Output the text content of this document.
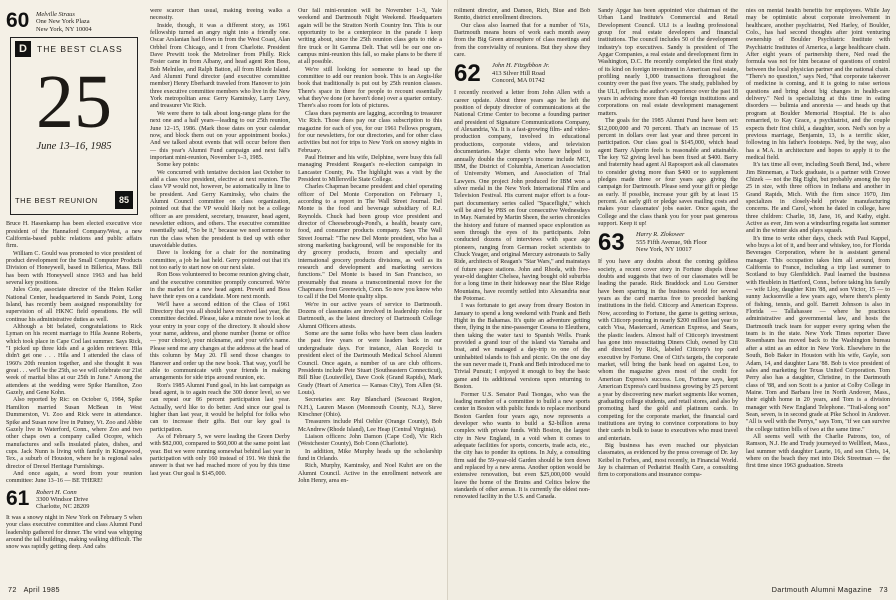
60	Melville Straus
One New York Plaza
New York, NY 10004
D	THE BEST CLASS
25
June 13–16, 1985
THE BEST REUNION	85

Bruce H. Hasenkamp has been elected executive vice president of the Hannaford Company/West, a new California-based public relations and public affairs firm.

William C. Gould was promoted to vice president of product development for the Small Computer Products Division of Honeywell, based in Billerica, Mass. Bill has been with Honeywell since 1963 and has held several key positions.

Jules Cote, associate director of the Helen Keller National Center, headquartered in Sands Point, Long Island, has recently been assigned responsibility for supervision of all HKNC field operations. He will continue his administrative duties as well.

Although a bit belated, congratulations to Rick Lyman on his recent marriage to Hila Jeanne Roberts, which took place in Cape Cod last summer. Says Rick, "I picked up three kids and a golden retriever. Hila didn't get one . . . Hila and I attended the class of 1960's 20th reunion together, and she thought it was great . . . we'll be the 25th, so we will celebrate our 21st week of marital bliss at our 25th in June." Among the attendees at the wedding were Spike Hamilton, Zoo Gazely, and Gene Kohn.

Also reported by Ric: on October 6, 1984, Spike Hamilton married Susan McBean in West Dummerston, Vt. Zoo and Rick were in attendance. Spike and Susan now live in Putney, Vt. Zoo and Abbie Gazely live in Waterford, Conn., where Zoo and two other chaps own a company called Ocopre, which manufactures and sells insulated plates, dishes, and cups. Jack Nunn is living with family in Kingswood, Tex., a suburb of Houston, where he is regional sales director of Drexel Heritage Furnishings.

And once again, a word from your reunion committee: June 13–16 — BE THERE!

61	Robert H. Conn
3300 Windsor Drive
Charlotte, NC 28209

It was a snowy night in New York on February 5 when your class executive committee and class Alumni Fund leadership gathered for dinner. The wind was whipping around the tall buildings, making walking difficult. The snow was rapidly getting deep. And cabs

were scarcer than usual, making treeing walks a necessity.

Inside, though, it was a different story, as 1961 fellowship turned an angry night into a friendly one. Oscar Arslanian had flown in from the West Coast, Alan Orbhel from Chicago, and I from Charlotte. President Dave Prewitt took the Metroliner from Philly. Rick Foster came in from Albany, and head agent Ron Boss, Bob Melnilee, and Ralph Batton, all from Rhode Island. And Alumni Fund director (and executive committee member) Henry Eberhardt traveled from Hanover to join three executive committee members who live in the New York metropolitan area: Gerry Kaminsky, Larry Levy, and treasurer Vic Rich.

We were there to talk about long-range plans for the next one and a half years—leading to our 25th reunion, June 12–15, 1986. (Mark those dates on your calendar now, and block them out on your appointment books.) And we talked about events that will occur before then — this year's Alumni Fund campaign and next fall's important mini-reunion, November 1–3, 1985.

Some key points:

We concurred with tentative decision last October to add a class vice president, elective at next reunion. The class VP would not, however, be automatically in line to be president. And Gerry Kaminsky, who chairs the Alumni Council committee on class organization, pointed out that the VP would likely not be a college officer as are president, secretary, treasurer, head agent, newsletter editors, and others. The executive committee essentially said, "So be it," because we need someone to run the class when the president is tied up with other unavoidable duties.

Dave is looking for a chair for the nominating committee, a job he last held. Gerry pointed out that it's not too early to start now on our next slate.

Ron Boss volunteered to become reunion giving chair, and the executive committee promptly concurred. We're in the market for a new head agent. Prewitt and Boss have their eyes on a candidate. More next month.

We'll have a second edition of the Class of 1961 Directory that you all should have received last year, the committee decided. Please, take a minute now to look at your entry in your copy of the directory. It should show your name, address, and phone number (home or office — your choice), your nickname, and your wife's name. Please send me any changes at the address at the head of this column by May 20. I'll send those changes to Hanover and order up the new book. That way, you'll be able to communicate with your friends in making arrangements for side trips around reunion, etc.

Ron's 1985 Alumni Fund goal, in his last campaign as head agent, is to again reach the 300 donor level, so we can repeat our 86 percent participation last year. Actually, we'd like to do better. And since our goal is higher than last year, it would be helpful for folks who can to increase their gifts. But our key goal is participation.

As of February 5, we were leading the Green Derby with $82,000, compared to $60,000 at the same point last year. But we were running somewhat behind last year in participation with only 160 instead of 191. We think the answer is that we had reached more of you by this time last year. Our goal is $145,000.

Our fall mini-reunion will be November 1–3, Yale weekend and Dartmouth Night Weekend. Headquarters again will be the Stratton North Country Inn. This is our opportunity to be a centerpiece in the parade I keep writing about, since the 25th reunion class gets to ride a fire truck or lit Gamma Delt. That will be our one on-campus mini-reunion this fall, so make plans to be there if at all possible.

We're still looking for someone to head up the committee to add our reunion book. This is an Aegis-like book that traditionally is put out by 25th reunion classes. There's space in there for people to recount essentially what they've done (or haven't done) over a quarter century. There's also room for lots of pictures.

Class dues payments are lagging, according to treasurer Vic Rich. Those dues pay our class subscription to this magazine for each of you, for our 1961 Fellows program, for our newsletters, for our directories, and for other class activities but not for trips to New York on snowy nights in February.

Paul Heimer and his wife, Delphine, were busy this fall managing President Reagan's re-election campaign in Lancaster County, Pa. The highlight was a visit by the President to Millersville State College.

Charles Chapman became president and chief operating officer of Del Monte Corporation on February 1, according to a report in The Wall Street Journal. Del Monte is the food and beverage subsidiary of R.J. Reynolds. Chuck had been group vice president and director of Cheesebrough-Pond's, a health, beauty care, food, and consumer products company. Says The Wall Street Journal: "The new Del Monte president, who has a strong marketing background, will be responsible for its dry grocery products, frozen and specialty and international grocery products divisions, as well as its research and development and marketing services functions." Del Monte is based in San Francisco, so presumably that means a transcontinental move for the Chapmans from Greenwich, Conn. So now you know who to call if the Del Monte quality slips.

We're in our active years of service to Dartmouth. Dozens of classmates are involved in leadership roles for Dartmouth, as the latest directory of Dartmouth College Alumni Officers attests.

Some are the same folks who have been class leaders the past few years or were leaders back in our undergraduate days. For instance, Alan Rozycki is president elect of the Dartmouth Medical School Alumni Council. Once again, a number of us are club officers. Presidents include Pete Stuart (Southeastern Connecticut), Bill Blue (Louisville), Dave Cook (Grand Rapids), Mark Grady (Heart of America — Kansas City), Tom Allen (St. Louis).

Secretaries are: Ray Blanchard (Seacoast Region, N.H.), Lauren Mason (Monmouth County, N.J.), Steve Kirschner (Ohio).

Treasurers include Phil Oehler (Orange County), Bob McAndrew (Rhode Island), Lee Heap (Central Virginia).

Liaison officers: John Damon (Cape Cod), Vic Rich (Westchester County), Bob Conn (Charlotte).

In addition, Mike Murphy heads up the scholarship fund in Orlando.

Rich, Murphy, Kaminsky, and Noel Kuhrt are on the Alumni Council. Active in the enrollment network are John Henry, area en-

72 April 1985

rollment director, and Damon, Rich, Blue and Bob Rentto, district enrollment directors.

Our class also learned that for a number of '61s, Dartmouth means hours of work each month away from the Big Green atmosphere of class meetings and from the conviviality of reunions. But they show they care.

62	John H. Fitzgibbon Jr.
413 Silver Hill Road
Concord, MA 01742

I recently received a letter from John Allen with a career update. About three years ago he left the position of deputy director of communications at the National Crime Center to become a founding partner and president of Signature Communications Company, of Alexandria, Va. It is a fast-growing film- and video-production company, involved in educational productions, corporate videos, and television documentaries. Major clients who have helped to annually double the company's income include MCI, IBM, the District of Columbia, American Association of University Women, and Association of Trial Lawyers. One project John produced for IBM won a silver medal in the New York International Film and Television Festival. His current major effort is a four-part documentary series called "Spaceflight," which will be aired by PBS on four consecutive Wednesdays in May. Narrated by Martin Sheen, the series chronicles the history and future of manned space exploration as seen through the eyes of its participants. John conducted dozens of interviews with space age pioneers, ranging from German rocket scientists to Chuck Yeager, and original Mercury astronauts to Sally Ride, architects of Reagan's "Star Wars," and mainstays of future space stations. John and Rhoda, with five-year-old daughter Chelsea, having bought old suburbia for a long time in their hideaway near the Blue Ridge Mountains, have recently settled into Alexandria near the Potomac.

I was fortunate to get away from dreary Boston in January to spend a long weekend with Frank and Beth Hight in the Bahamas. It's quite an adventure getting there, flying in the nine-passenger Cessna to Eleuthera, then taking the water taxi to Spanish Wells. Frank provided a grand tour of the island via Yamaha and boat, and we managed a day-trip to one of the uninhabited islands to fish and picnic. On the one day the sun never made it, Frank and Beth introduced me to Trivial Pursuit; I enjoyed it enough to buy the basic game and its additional versions upon returning to Boston.

Former U.S. Senator Paul Tsongas, who was the leading member of a committee to build a new sports center in Boston with public funds to replace moribund Boston Garden four years ago, now represents a developer who wants to build a $2-billion arena complex with private funds. With Boston, the largest city in New England, in a void when it comes to adequate facilities for sports, concerts, trade acts, etc., the city has to ponder its options. In July, a consulting firm said the 59-year-old Garden should be torn down and replaced by a new arena. Another option would be extensive renovation, but even $25,000,000 would leave the home of the Bruins and Celtics below the standards of other arenas. It is currently the oldest non-renovated facility in the U.S. and Canada.

Sandy Apgar has been appointed vice chairman of the Urban Land Institute's Commercial and Retail Development Council. ULI is a leading professional group for real estate developers and financial institutions. The council includes 50 of the development industry's top executives. Sandy is president of The Apgar Companies, a real estate and development firm in Washington, D.C. He recently completed the first study of its kind on foreign investment in American real estate, profiling nearly 1,000 transactions throughout the country over the past five years. The study, published by the ULI, reflects the author's experience over the past 18 years in advising more than 40 foreign institutions and corporations on real estate development management matters.

The goals for the 1985 Alumni Fund have been set: $12,000,000 and 70 percent. That's an increase of 15 percent in dollars over last year and three percent in participation. Our class goal is $145,000, which head agent Barry Alperin feels is reasonable and attainable. The key '62 giving level has been fixed at $400. Barry and fraternity head agent Al Raposport ask all classmates to consider giving more than $400 or to supplement pledges made three or four years ago giving the campaign for Dartmouth. Please send your gift or pledge as early. If possible, increase your gift by at least 15 percent. An early gift or pledge saves mailing costs and makes your classmates' jobs easier. Once again, the College and the class thank you for your past generous support. Keep it up!

63	Harry R. Zlokower
555 Fifth Avenue, 9th Floor
New York, NY 10017

If you have any doubts about the coming goldless society, a recent cover story in Fortune dispels those doubts and suggests that two of our classmates will be leading the parade. Rick Braddock and Lou Gerstner have been sparring in the business world for several years as the card marrius free to preceded banking institutions in the field. Citicorp and American Express. Now, according to Fortune, the game is getting serious, with Citicorp pouring in nearly $200 million last year to catch Visa, Mastercard, American Express, and Sears, the plastic leaders. Almost half of Citicorp's investment has gone into resuscitating Diners Club, owned by Citi and directed by Rick, labeled Citicorp's top card executive by Fortune. One of Citi's targets, the corporate market, will bring the bank head on against Lou, to whom the magazine gives most of the credit for American Express's success. Lou, Fortune says, kept American Express's card business growing by 25 percent a year by discovering new market segments like women, graduating college students, and retail stores, and also by promoting hard the gold and platinum cards. In competing for the corporate market, the financial card institutions are trying to convince corporations to buy their cards in bulk to issue to executives who must travel and entertain.

Big business has even reached our physician classmates, as evidenced by the press coverage of Dr. Jay Keibel in Forbes, and, most recently, in Financial World. Jay is chairman of Pediatrist Health Care, a consulting firm to corporations and insurance compa-

nies on mental health benefits for employees. While Jay may be optimistic about corporate involvement in healthcare, another psychiatrist, Ned Harley, of Boulder, Colo., has had second thoughts after joint venturing ownership of Boulder Psychiatric Institute with Psychiatric Institutes of America, a large healthcare chain. After eight years of partnership there, Ned read the formula was not for him because of questions of control between the local physician partner and the national chain. "There's no question," says Ned, "that corporate takeover of medicine is coming, and it is going to raise serious questions and bring about big changes in health-care delivery." Ned is specializing at this time in eating disorders — bulimia and anorexia — and heads up that program at Boulder Memorial Hospital. He is also remarried, to Kay Grace, a psychiatrist, and the couple expects their first child, a daughter, soon. Ned's son by a previous marriage, Benjamin, 13, is a terrific skier, following in his father's footsteps. Ned, by the way, also has a M.A. in architecture and hopes to apply it to the medical field.

It's tax time all over, including South Bend, Ind., where Jim Binneman, a Tuck graduate, is a partner with Crowe Chizek — not the Big Eight, but probably among the top 25 in size, with three offices in Indiana and another in Grand Rapids, Mich. With the firm since 1970, Jim specializes in closely-held private manufacturing concerns. He and Carol, whom he dated in college, have three children: Charlie, 18, Jane, 16, and Kathy, eight. Active as ever, Jim won a windsurfing regatta last summer and in the winter skis and plays squash.

It's time to write other days, check with Paul Kappel, who buys a lot of it, and beer and whiskey, too, for Florida Beverages Corporation, where he is assistant general manager. This occupation takes him all around, from California to France, including a trip last summer to Scotland to buy Glenfiddich. Paul learned the business with Heublein in Hartford, Conn., before taking his family — wife Lloy, daughter Kim '88, and son Victor, 15 — to sunny Jacksonville a few years ago, where there's plenty of fishing, tennis, and golf. Barrett Johnson is also in Florida — Tallahassee — where he practices administrative and governmental law, and hosts the Dartmouth track team for supper every spring when the team is in the state. New York Times reporter Dave Rosenbaum has moved back to the Washington bureau after a stint as an editor in New York. Elsewhere in the South, Bob Baker in Houston with his wife, Gayle, son Adam, 14, and daughter Lara '88. Bob is vice president of sales and marketing for Texas United Corporation. Tom Perry also has a daughter, Christine, in the Dartmouth class of '88, and son Scott is a junior at Colby College in Maine. Tom and Barbara live in North Andover, Mass., their eighth home in 20 years, and Tom is a division manager with New England Telephone. "Trail-along son" Sean, seven, is in second grade at Pike School in Andover. "All is well with the Perrys," says Tom, "if we can survive the college tuition bills of two at the same time."

All seems well with the Charlie Patrons, too, of Ramson, N.J. He and Trudy journeyed to Wellfleet, Mass., last summer with daughter Laurie, 16, and son Chris, 14, where on the beach they met into Dick Streetman — the first time since 1963 graduation. Streets

Dartmouth Alumni Magazine 73
